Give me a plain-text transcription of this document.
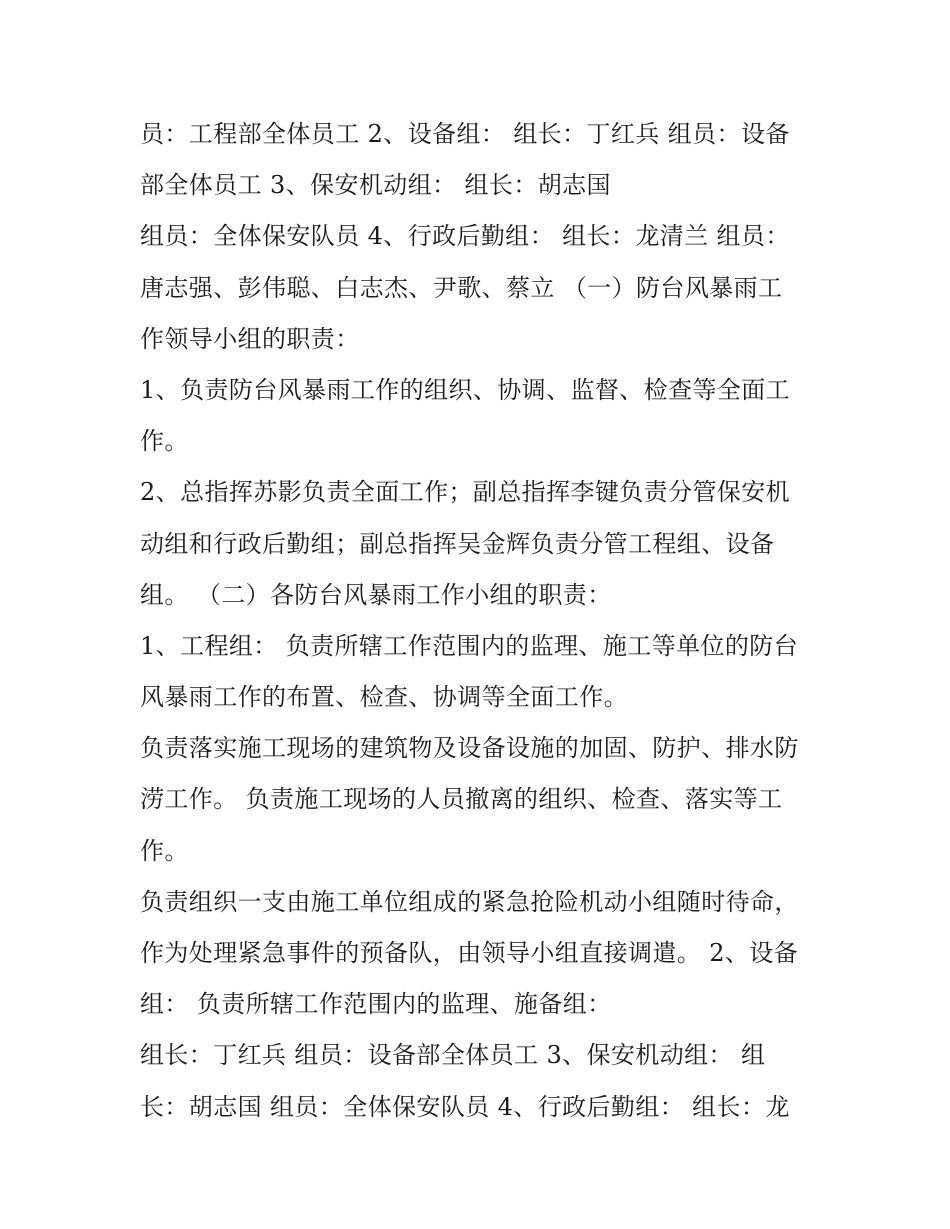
员：工程部全体员工 2、设备组： 组长：丁红兵 组员：设备
部全体员工 3、保安机动组： 组长：胡志国
组员：全体保安队员 4、行政后勤组： 组长：龙清兰 组员：
唐志强、彭伟聪、白志杰、尹歌、蔡立 （一）防台风暴雨工
作领导小组的职责：
1、负责防台风暴雨工作的组织、协调、监督、检查等全面工
作。
2、总指挥苏影负责全面工作；副总指挥李键负责分管保安机
动组和行政后勤组；副总指挥吴金辉负责分管工程组、设备
组。 （二）各防台风暴雨工作小组的职责：
1、工程组： 负责所辖工作范围内的监理、施工等单位的防台
风暴雨工作的布置、检查、协调等全面工作。
负责落实施工现场的建筑物及设备设施的加固、防护、排水防
涝工作。 负责施工现场的人员撤离的组织、检查、落实等工
作。
负责组织一支由施工单位组成的紧急抢险机动小组随时待命，
作为处理紧急事件的预备队，由领导小组直接调遣。 2、设备
组： 负责所辖工作范围内的监理、施备组：
组长：丁红兵 组员：设备部全体员工 3、保安机动组： 组
长：胡志国 组员：全体保安队员 4、行政后勤组： 组长：龙
